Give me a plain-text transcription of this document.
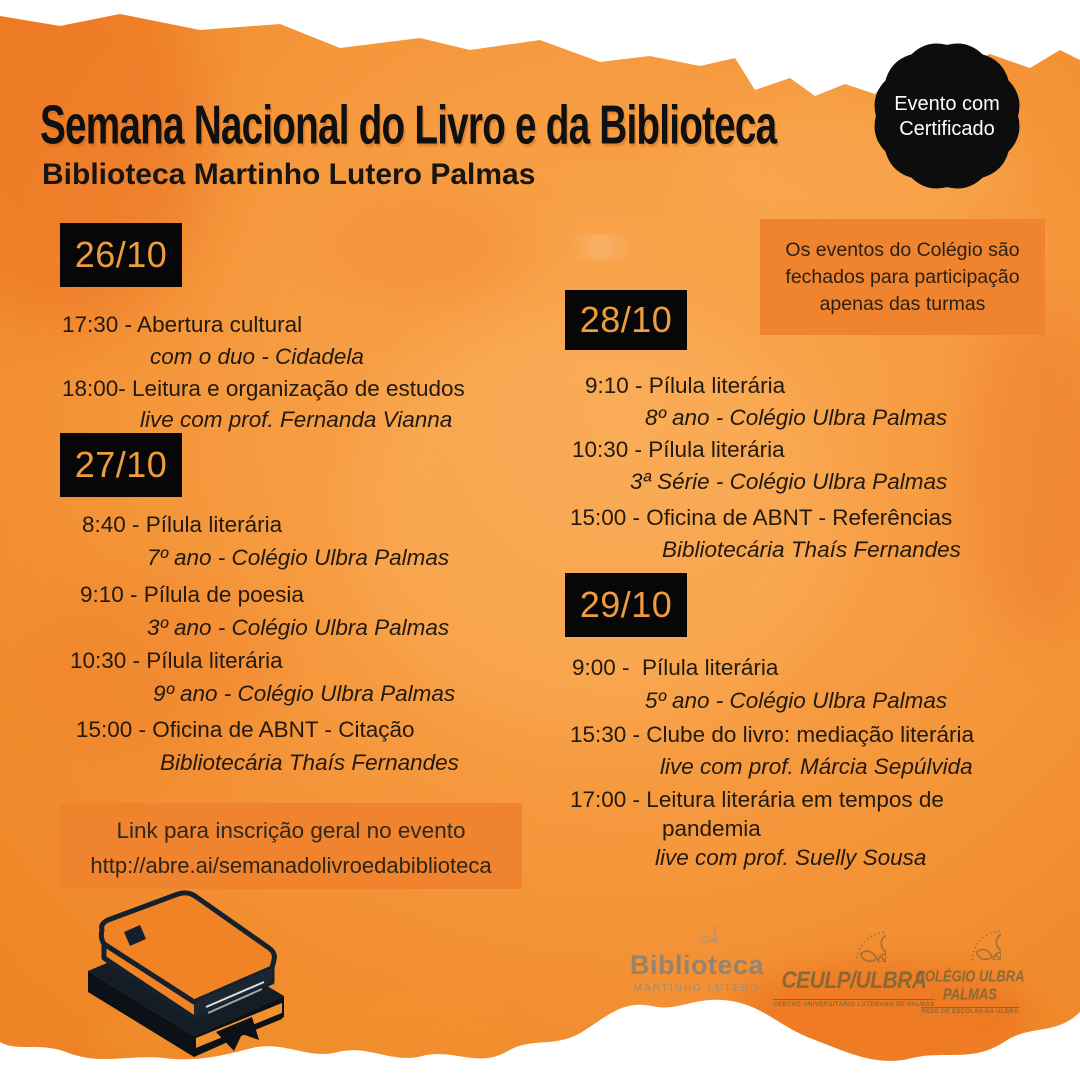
Semana Nacional do Livro e da Biblioteca
Biblioteca Martinho Lutero Palmas
Evento com
Certificado
Os eventos do Colégio são
fechados para participação
apenas das turmas
26/10
17:30 - Abertura cultural
com o duo - Cidadela
18:00- Leitura e organização de estudos
live com prof. Fernanda Vianna
27/10
8:40 - Pílula literária
7º ano - Colégio Ulbra Palmas
9:10 - Pílula de poesia
3º ano - Colégio Ulbra Palmas
10:30 - Pílula literária
9º ano - Colégio Ulbra Palmas
15:00 - Oficina de ABNT - Citação
Bibliotecária Thaís Fernandes
28/10
9:10 - Pílula literária
8º ano - Colégio Ulbra Palmas
10:30 - Pílula literária
3ª Série - Colégio Ulbra Palmas
15:00 - Oficina de ABNT - Referências
Bibliotecária Thaís Fernandes
29/10
9:00 -  Pílula literária
5º ano - Colégio Ulbra Palmas
15:30 - Clube do livro: mediação literária
live com prof. Márcia Sepúlvida
17:00 - Leitura literária em tempos de
pandemia
live com prof. Suelly Sousa
Link para inscrição geral no evento
http://abre.ai/semanadolivroedabiblioteca
Biblioteca
MARTINHO LUTERO	CEULP/ULBRA
CENTRO UNIVERSITÁRIO LUTERANO DE PALMAS
COLÉGIO ULBRA PALMAS
REDE DE ESCOLAS DA ULBRA
